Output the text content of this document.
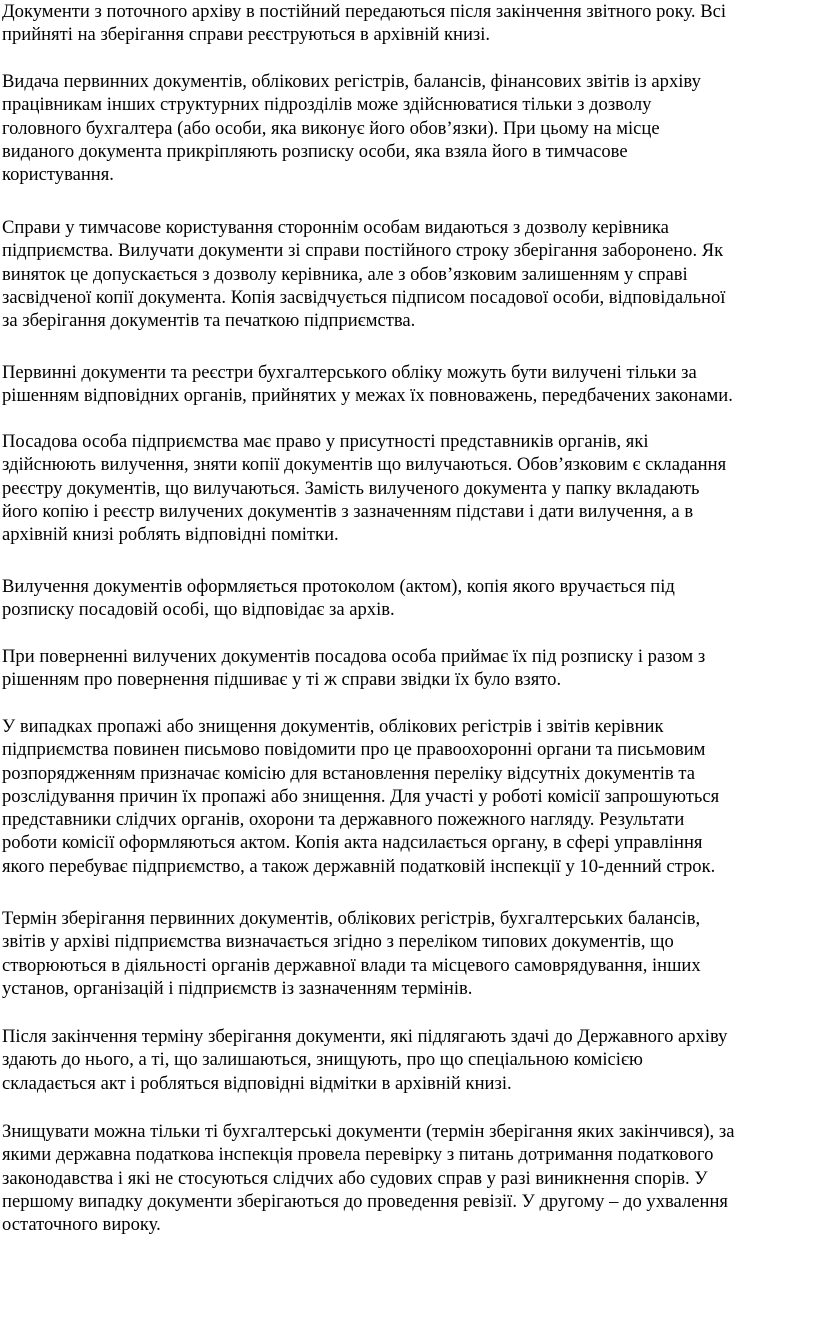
Документи з поточного архіву в постійний передаються після закінчення звітного року. Всі
прийняті на зберігання справи реєструються в архівній книзі.

Видача первинних документів, облікових регістрів, балансів, фінансових звітів із архіву
працівникам інших структурних підрозділів може здійснюватися тільки з дозволу
головного бухгалтера (або особи, яка виконує його обов’язки). При цьому на місце
виданого документа прикріпляють розписку особи, яка взяла його в тимчасове
користування.

Справи у тимчасове користування стороннім особам видаються з дозволу керівника
підприємства. Вилучати документи зі справи постійного строку зберігання заборонено. Як
виняток це допускається з дозволу керівника, але з обов’язковим залишенням у справі
засвідченої копії документа. Копія засвідчується підписом посадової особи, відповідальної
за зберігання документів та печаткою підприємства.

Первинні документи та реєстри бухгалтерського обліку можуть бути вилучені тільки за
рішенням відповідних органів, прийнятих у межах їх повноважень, передбачених законами.

Посадова особа підприємства має право у присутності представників органів, які
здійснюють вилучення, зняти копії документів що вилучаються. Обов’язковим є складання
реєстру документів, що вилучаються. Замість вилученого документа у папку вкладають
його копію і реєстр вилучених документів з зазначенням підстави і дати вилучення, а в
архівній книзі роблять відповідні помітки.

Вилучення документів оформляється протоколом (актом), копія якого вручається під
розписку посадовій особі, що відповідає за архів.

При поверненні вилучених документів посадова особа приймає їх під розписку і разом з
рішенням про повернення підшиває у ті ж справи звідки їх було взято.

У випадках пропажі або знищення документів, облікових регістрів і звітів керівник
підприємства повинен письмово повідомити про це правоохоронні органи та письмовим
розпорядженням призначає комісію для встановлення переліку відсутніх документів та
розслідування причин їх пропажі або знищення. Для участі у роботі комісії запрошуються
представники слідчих органів, охорони та державного пожежного нагляду. Результати
роботи комісії оформляються актом. Копія акта надсилається органу, в сфері управління
якого перебуває підприємство, а також державній податковій інспекції у 10-денний строк.

Термін зберігання первинних документів, облікових регістрів, бухгалтерських балансів,
звітів у архіві підприємства визначається згідно з переліком типових документів, що
створюються в діяльності органів державної влади та місцевого самоврядування, інших
установ, організацій і підприємств із зазначенням термінів.

Після закінчення терміну зберігання документи, які підлягають здачі до Державного архіву
здають до нього, а ті, що залишаються, знищують, про що спеціальною комісією
складається акт і робляться відповідні відмітки в архівній книзі.

Знищувати можна тільки ті бухгалтерські документи (термін зберігання яких закінчився), за
якими державна податкова інспекція провела перевірку з питань дотримання податкового
законодавства і які не стосуються слідчих або судових справ у разі виникнення спорів. У
першому випадку документи зберігаються до проведення ревізії. У другому – до ухвалення
остаточного вироку.
